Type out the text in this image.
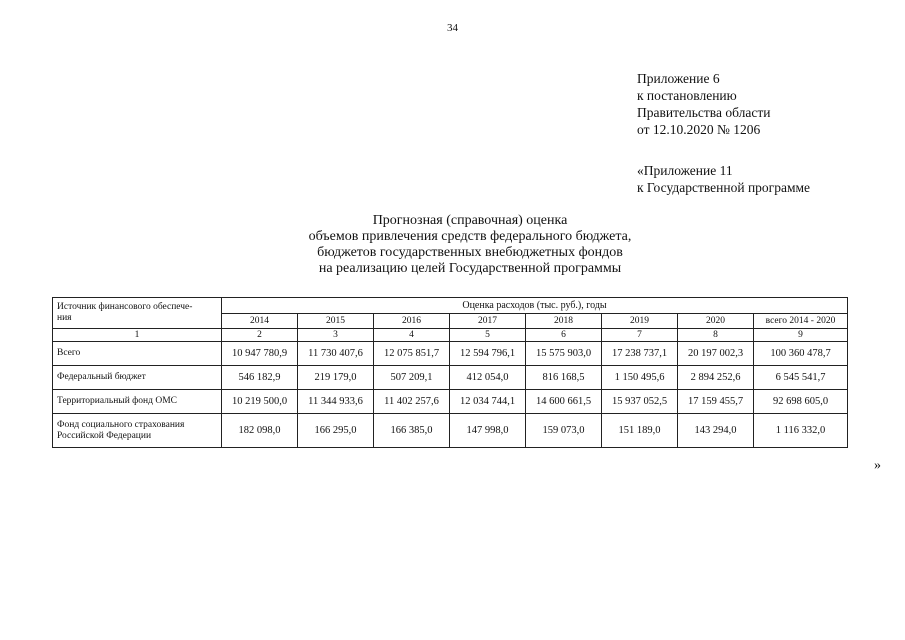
34
Приложение 6
к постановлению
Правительства области
от 12.10.2020 № 1206
«Приложение 11
к Государственной программе
Прогнозная (справочная) оценка
объемов привлечения средств федерального бюджета,
бюджетов государственных внебюджетных фондов
на реализацию целей Государственной программы
Источник финансового обеспече-
ния	Оценка расходов (тыс. руб.), годы							
	2014	2015	2016	2017	2018	2019	2020	всего 2014 - 2020
1	2	3	4	5	6	7	8	9

Всего	10 947 780,9	11 730 407,6	12 075 851,7	12 594 796,1	15 575 903,0	17 238 737,1	20 197 002,3	100 360 478,7

Федеральный бюджет	546 182,9	219 179,0	507 209,1	412 054,0	816 168,5	1 150 495,6	2 894 252,6	6 545 541,7

Территориальный фонд ОМС	10 219 500,0	11 344 933,6	11 402 257,6	12 034 744,1	14 600 661,5	15 937 052,5	17 159 455,7	92 698 605,0

Фонд социального страхования
Российской Федерации	182 098,0	166 295,0	166 385,0	147 998,0	159 073,0	151 189,0	143 294,0	1 116 332,0
»
